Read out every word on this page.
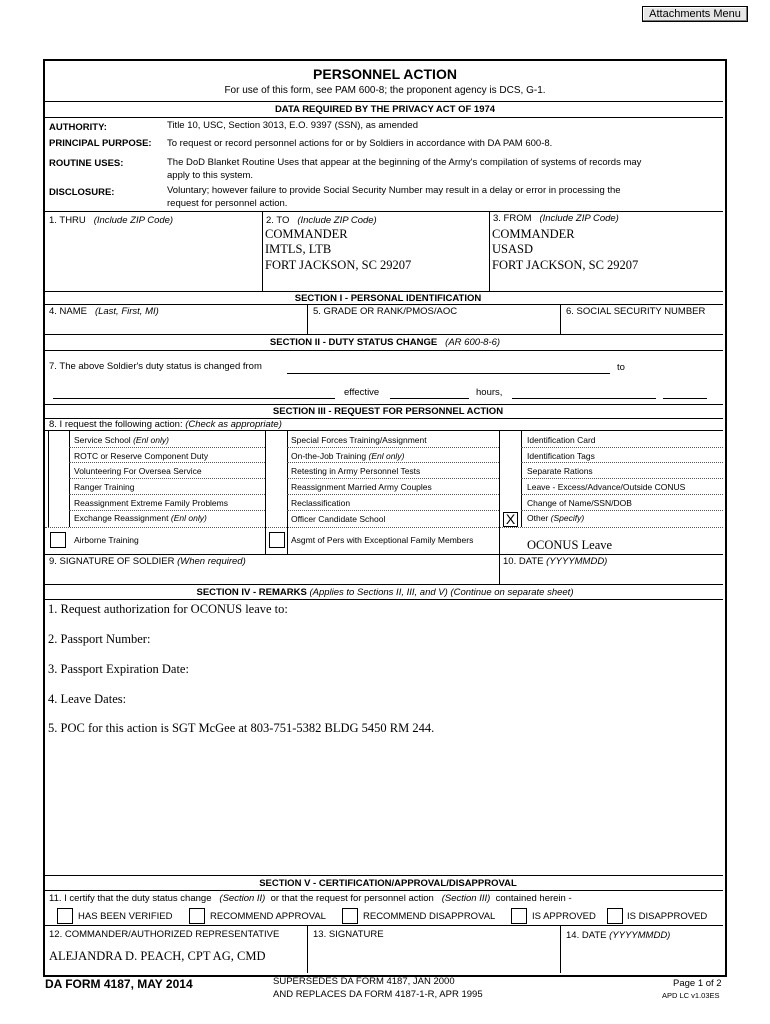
Attachments Menu
PERSONNEL ACTION
For use of this form, see PAM 600-8; the proponent agency is DCS, G-1.
DATA REQUIRED BY THE PRIVACY ACT OF 1974
AUTHORITY:	Title 10, USC, Section 3013, E.O. 9397 (SSN), as amended
PRINCIPAL PURPOSE: To request or record personnel actions for or by Soldiers in accordance with DA PAM 600-8.
ROUTINE USES:	The DoD Blanket Routine Uses that appear at the beginning of the Army's compilation of systems of records may
apply to this system.
DISCLOSURE:	Voluntary; however failure to provide Social Security Number may result in a delay or error in processing the
request for personnel action.
1. THRU (Include ZIP Code)	2. TO (Include ZIP Code)
COMMANDER
IMTLS, LTB
FORT JACKSON, SC 29207
3. FROM (Include ZIP Code)
COMMANDER
USASD
FORT JACKSON, SC 29207
SECTION I - PERSONAL IDENTIFICATION
4. NAME (Last, First, MI)	5. GRADE OR RANK/PMOS/AOC	6. SOCIAL SECURITY NUMBER
SECTION II - DUTY STATUS CHANGE (AR 600-8-6)
7. The above Soldier's duty status is changed from	to
effective	hours,
SECTION III - REQUEST FOR PERSONNEL ACTION
8. I request the following action: (Check as appropriate)
Service School (Enl only)
ROTC or Reserve Component Duty
Volunteering For Oversea Service
Ranger Training
Reassignment Extreme Family Problems
Exchange Reassignment (Enl only)
Airborne Training
Special Forces Training/Assignment
On-the-Job Training (Enl only)
Retesting in Army Personnel Tests
Reassignment Married Army Couples
Reclassification
Officer Candidate School
Asgmt of Pers with Exceptional Family Members
Identification Card
Identification Tags
Separate Rations
Leave - Excess/Advance/Outside CONUS
Change of Name/SSN/DOB
X Other (Specify)
OCONUS Leave
9. SIGNATURE OF SOLDIER (When required)	10. DATE (YYYYMMDD)
SECTION IV - REMARKS (Applies to Sections II, III, and V) (Continue on separate sheet)
1. Request authorization for OCONUS leave to:
2. Passport Number:
3. Passport Expiration Date:
4. Leave Dates:
5. POC for this action is SGT McGee at 803-751-5382 BLDG 5450 RM 244.
SECTION V - CERTIFICATION/APPROVAL/DISAPPROVAL
11. I certify that the duty status change (Section II) or that the request for personnel action (Section III) contained herein -
HAS BEEN VERIFIED	RECOMMEND APPROVAL	RECOMMEND DISAPPROVAL	IS APPROVED	IS DISAPPROVED
12. COMMANDER/AUTHORIZED REPRESENTATIVE
ALEJANDRA D. PEACH, CPT AG, CMD
13. SIGNATURE	14. DATE (YYYYMMDD)
DA FORM 4187, MAY 2014	SUPERSEDES DA FORM 4187, JAN 2000
AND REPLACES DA FORM 4187-1-R, APR 1995
Page 1 of 2
APD LC v1.03ES
